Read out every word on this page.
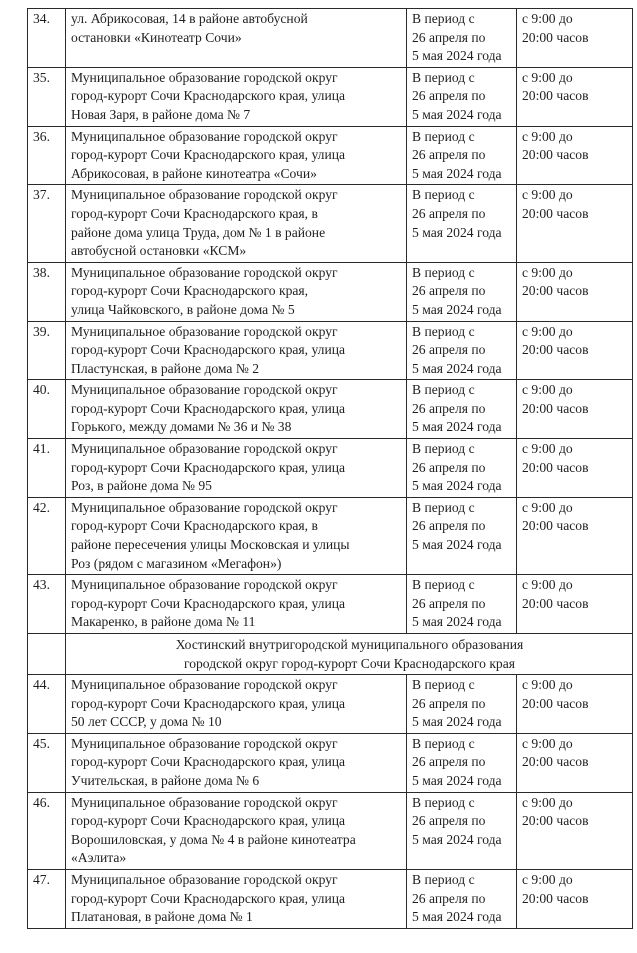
34.	ул. Абрикосовая, 14 в районе автобусной
остановки «Кинотеатр Сочи»	В период с
26 апреля по
5 мая 2024 года	с 9:00 до
20:00 часов

35.	Муниципальное образование городской округ
город-курорт Сочи Краснодарского края, улица
Новая Заря, в районе дома № 7	В период с
26 апреля по
5 мая 2024 года	с 9:00 до
20:00 часов

36.	Муниципальное образование городской округ
город-курорт Сочи Краснодарского края, улица
Абрикосовая, в районе кинотеатра «Сочи»	В период с
26 апреля по
5 мая 2024 года	с 9:00 до
20:00 часов

37.	Муниципальное образование городской округ
город-курорт Сочи Краснодарского края, в
районе дома улица Труда, дом № 1 в районе
автобусной остановки «КСМ»	В период с
26 апреля по
5 мая 2024 года	с 9:00 до
20:00 часов

38.	Муниципальное образование городской округ
город-курорт Сочи Краснодарского края,
улица Чайковского, в районе дома № 5	В период с
26 апреля по
5 мая 2024 года	с 9:00 до
20:00 часов

39.	Муниципальное образование городской округ
город-курорт Сочи Краснодарского края, улица
Пластунская, в районе дома № 2	В период с
26 апреля по
5 мая 2024 года	с 9:00 до
20:00 часов

40.	Муниципальное образование городской округ
город-курорт Сочи Краснодарского края, улица
Горького, между домами № 36 и № 38	В период с
26 апреля по
5 мая 2024 года	с 9:00 до
20:00 часов

41.	Муниципальное образование городской округ
город-курорт Сочи Краснодарского края, улица
Роз, в районе дома № 95	В период с
26 апреля по
5 мая 2024 года	с 9:00 до
20:00 часов

42.	Муниципальное образование городской округ
город-курорт Сочи Краснодарского края, в
районе пересечения улицы Московская и улицы
Роз (рядом с магазином «Мегафон»)	В период с
26 апреля по
5 мая 2024 года	с 9:00 до
20:00 часов

43.	Муниципальное образование городской округ
город-курорт Сочи Краснодарского края, улица
Макаренко, в районе дома № 11	В период с
26 апреля по
5 мая 2024 года	с 9:00 до
20:00 часов

	Хостинский внутригородской муниципального образования
городской округ город-курорт Сочи Краснодарского края		

44.	Муниципальное образование городской округ
город-курорт Сочи Краснодарского края, улица
50 лет СССР, у дома № 10	В период с
26 апреля по
5 мая 2024 года	с 9:00 до
20:00 часов

45.	Муниципальное образование городской округ
город-курорт Сочи Краснодарского края, улица
Учительская, в районе дома № 6	В период с
26 апреля по
5 мая 2024 года	с 9:00 до
20:00 часов

46.	Муниципальное образование городской округ
город-курорт Сочи Краснодарского края, улица
Ворошиловская, у дома № 4 в районе кинотеатра
«Аэлита»	В период с
26 апреля по
5 мая 2024 года	с 9:00 до
20:00 часов

47.	Муниципальное образование городской округ
город-курорт Сочи Краснодарского края, улица
Платановая, в районе дома № 1	В период с
26 апреля по
5 мая 2024 года	с 9:00 до
20:00 часов
